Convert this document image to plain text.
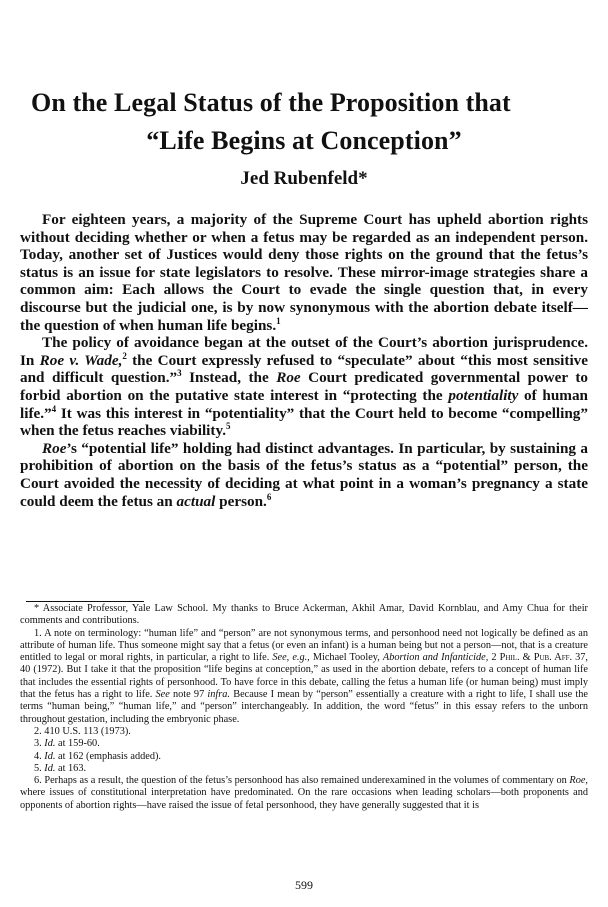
On the Legal Status of the Proposition that
“Life Begins at Conception”
Jed Rubenfeld*

For eighteen years, a majority of the Supreme Court has upheld abortion rights without deciding whether or when a fetus may be regarded as an independent person. Today, another set of Justices would deny those rights on the ground that the fetus’s status is an issue for state legislators to resolve. These mirror-image strategies share a common aim: Each allows the Court to evade the single question that, in every discourse but the judicial one, is by now synonymous with the abortion debate itself—the question of when human life begins.$^1$

The policy of avoidance began at the outset of the Court’s abortion jurisprudence. In Roe v. Wade,$^2$ the Court expressly refused to “speculate” about “this most sensitive and difficult question.”$^3$ Instead, the Roe Court predicated governmental power to forbid abortion on the putative state interest in “protecting the potentiality of human life.”$^4$ It was this interest in “potentiality” that the Court held to become “compelling” when the fetus reaches viability.$^5$

Roe’s “potential life” holding had distinct advantages. In particular, by sustaining a prohibition of abortion on the basis of the fetus’s status as a “potential” person, the Court avoided the necessity of deciding at what point in a woman’s pregnancy a state could deem the fetus an actual person.$^6$

* Associate Professor, Yale Law School. My thanks to Bruce Ackerman, Akhil Amar, David Kornblau, and Amy Chua for their comments and contributions.

1. A note on terminology: “human life” and “person” are not synonymous terms, and personhood need not logically be defined as an attribute of human life. Thus someone might say that a fetus (or even an infant) is a human being but not a person—not, that is a creature entitled to legal or moral rights, in particular, a right to life. See, e.g., Michael Tooley, Abortion and Infanticide, 2 Phil. & Pub. Aff. 37, 40 (1972). But I take it that the proposition “life begins at conception,” as used in the abortion debate, refers to a concept of human life that includes the essential rights of personhood. To have force in this debate, calling the fetus a human life (or human being) must imply that the fetus has a right to life. See note 97 infra. Because I mean by “person” essentially a creature with a right to life, I shall use the terms “human being,” “human life,” and “person” interchangeably. In addition, the word “fetus” in this essay refers to the unborn throughout gestation, including the embryonic phase.

2. 410 U.S. 113 (1973).

3. Id. at 159-60.

4. Id. at 162 (emphasis added).

5. Id. at 163.

6. Perhaps as a result, the question of the fetus’s personhood has also remained underexamined in the volumes of commentary on Roe, where issues of constitutional interpretation have predominated. On the rare occasions when leading scholars—both proponents and opponents of abortion rights—have raised the issue of fetal personhood, they have generally suggested that it is

599
